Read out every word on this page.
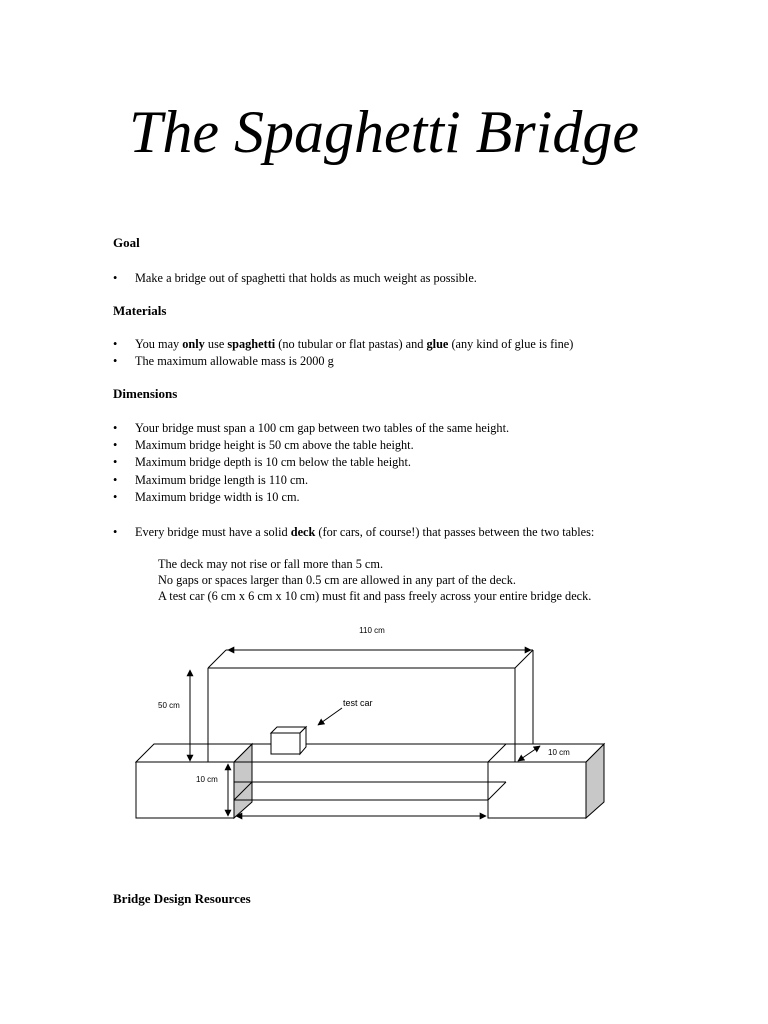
The Spaghetti Bridge
Goal
• Make a bridge out of spaghetti that holds as much weight as possible.
Materials
• You may only use spaghetti (no tubular or flat pastas) and glue (any kind of glue is fine)
• The maximum allowable mass is 2000 g
Dimensions
• Your bridge must span a 100 cm gap between two tables of the same height.
• Maximum bridge height is 50 cm above the table height.
• Maximum bridge depth is 10 cm below the table height.
• Maximum bridge length is 110 cm.
• Maximum bridge width is 10 cm.
• Every bridge must have a solid deck (for cars, of course!) that passes between the two tables:
The deck may not rise or fall more than 5 cm.
No gaps or spaces larger than 0.5 cm are allowed in any part of the deck.
A test car (6 cm x 6 cm x 10 cm) must fit and pass freely across your entire bridge deck.
110 cm
50 cm
10 cm
10 cm
test car
Bridge Design Resources
